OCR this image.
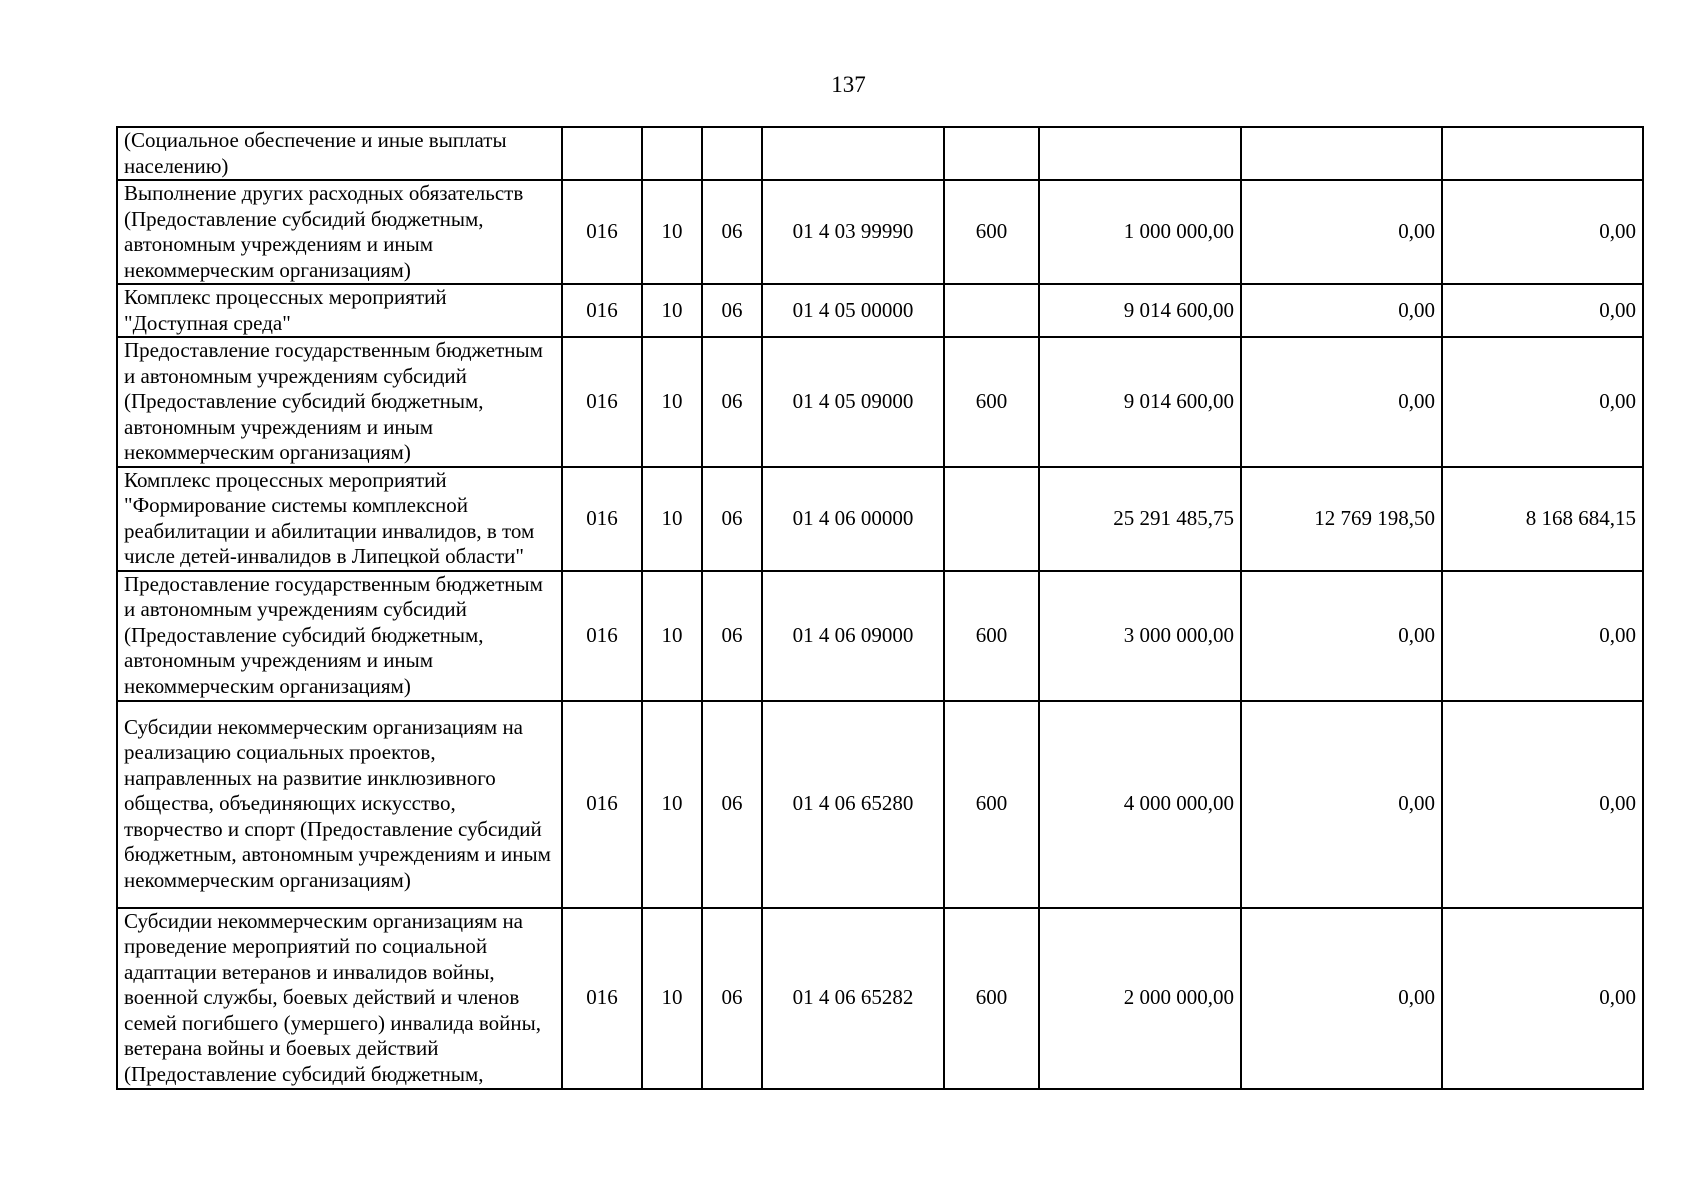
137
(Социальное обеспечение и иные выплаты населению)								
Выполнение других расходных обязательств (Предоставление субсидий бюджетным, автономным учреждениям и иным некоммерческим организациям)	016	10	06	01 4 03 99990	600	1 000 000,00	0,00	0,00
Комплекс процессных мероприятий "Доступная среда"	016	10	06	01 4 05 00000		9 014 600,00	0,00	0,00
Предоставление государственным бюджетным и автономным учреждениям субсидий (Предоставление субсидий бюджетным, автономным учреждениям и иным некоммерческим организациям)	016	10	06	01 4 05 09000	600	9 014 600,00	0,00	0,00
Комплекс процессных мероприятий "Формирование системы комплексной реабилитации и абилитации инвалидов, в том числе детей-инвалидов в Липецкой области"	016	10	06	01 4 06 00000		25 291 485,75	12 769 198,50	8 168 684,15
Предоставление государственным бюджетным и автономным учреждениям субсидий (Предоставление субсидий бюджетным, автономным учреждениям и иным некоммерческим организациям)	016	10	06	01 4 06 09000	600	3 000 000,00	0,00	0,00
Субсидии некоммерческим организациям на реализацию социальных проектов, направленных на развитие инклюзивного общества, объединяющих искусство, творчество и спорт (Предоставление субсидий бюджетным, автономным учреждениям и иным некоммерческим организациям)	016	10	06	01 4 06 65280	600	4 000 000,00	0,00	0,00
Субсидии некоммерческим организациям на проведение мероприятий по социальной адаптации ветеранов и инвалидов войны, военной службы, боевых действий и членов семей погибшего (умершего) инвалида войны, ветерана войны и боевых действий (Предоставление субсидий бюджетным,	016	10	06	01 4 06 65282	600	2 000 000,00	0,00	0,00
